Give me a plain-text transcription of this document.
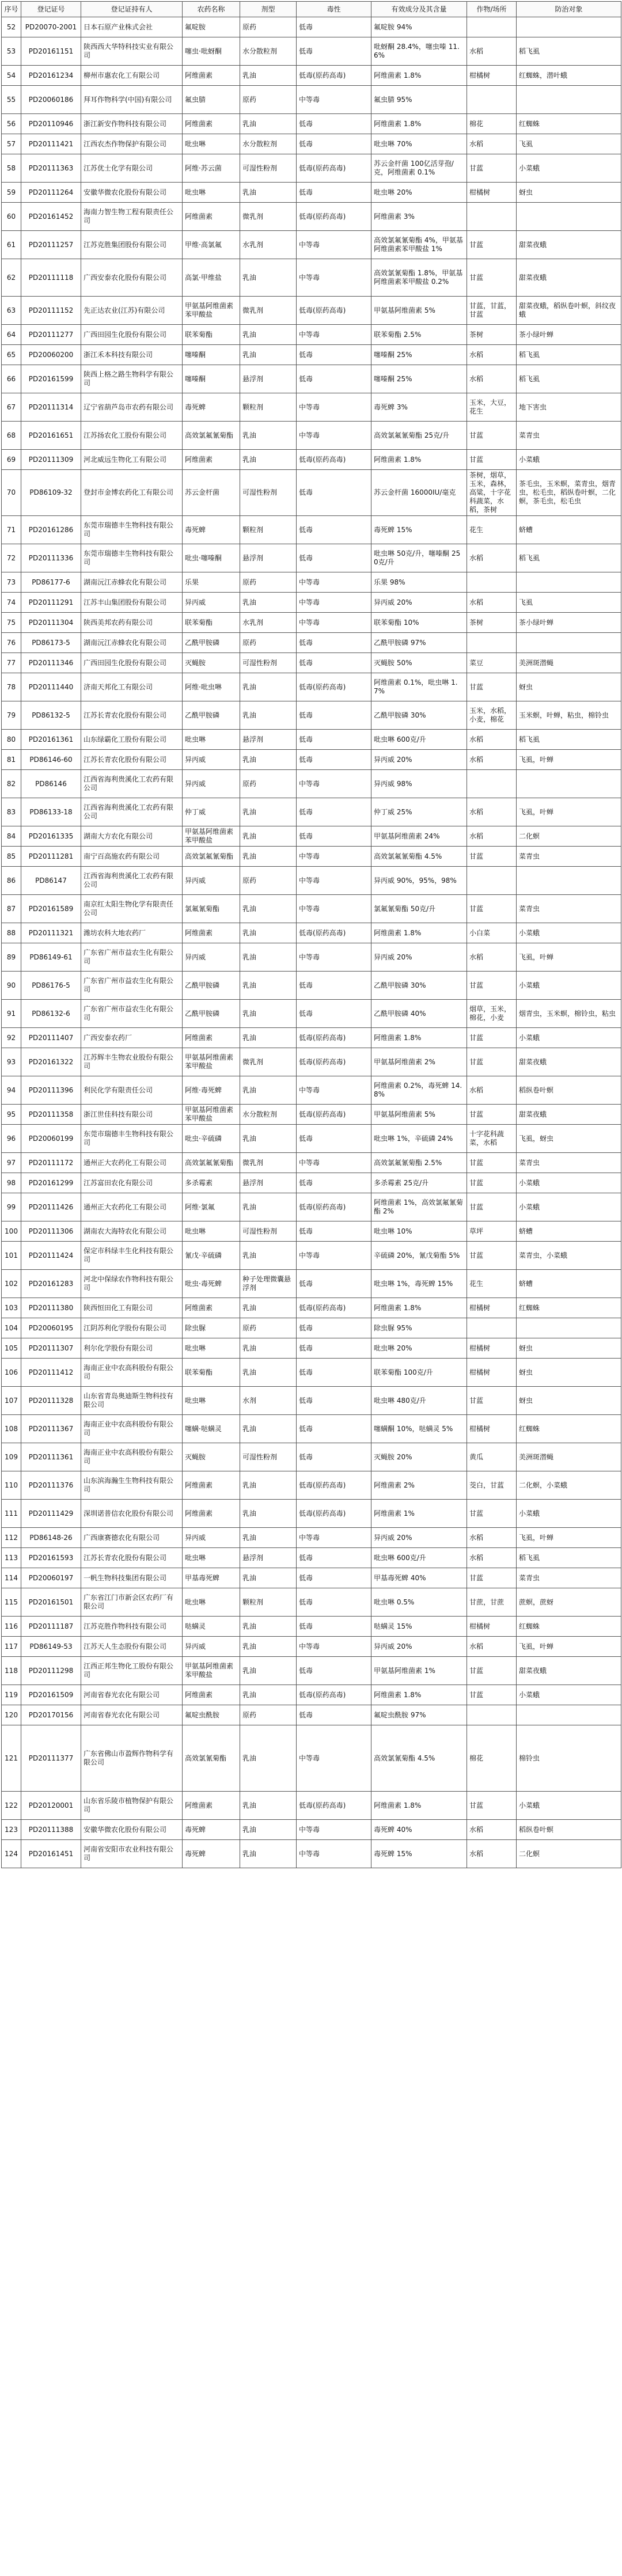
序号	登记证号	登记证持有人	农药名称	剂型	毒性	有效成分及其含量	作物/场所	防治对象
52	PD20070-2001	日本石原产业株式会社	氟啶胺	原药	低毒	氟啶胺 94%		
53	PD20161151	陕西西大华特科技实业有限公司	噻虫·吡蚜酮	水分散粒剂	低毒	吡蚜酮 28.4%，噻虫嗪 11.6%	水稻	稻飞虱
54	PD20161234	柳州市惠农化工有限公司	阿维菌素	乳油	低毒(原药高毒)	阿维菌素 1.8%	柑橘树	红蜘蛛，潜叶蛾
55	PD20060186	拜耳作物科学(中国)有限公司	氟虫腈	原药	中等毒	氟虫腈 95%		
56	PD20110946	浙江新安作物科技有限公司	阿维菌素	乳油	低毒	阿维菌素 1.8%	棉花	红蜘蛛
57	PD20111421	江西农杰作物保护有限公司	吡虫啉	水分散粒剂	低毒	吡虫啉 70%	水稻	飞虱
58	PD20111363	江苏优士化学有限公司	阿维·苏云菌	可湿性粉剂	低毒(原药高毒)	苏云金杆菌 100亿活芽孢/克，阿维菌素 0.1%	甘蓝	小菜蛾
59	PD20111264	安徽华微农化股份有限公司	吡虫啉	乳油	低毒	吡虫啉 20%	柑橘树	蚜虫
60	PD20161452	海南力智生物工程有限责任公司	阿维菌素	微乳剂	低毒(原药高毒)	阿维菌素 3%		
61	PD20111257	江苏克胜集团股份有限公司	甲维·高氯氟	水乳剂	中等毒	高效氯氟氰菊酯 4%，甲氨基阿维菌素苯甲酸盐 1%	甘蓝	甜菜夜蛾
62	PD20111118	广西安泰农化股份有限公司	高氯·甲维盐	乳油	中等毒	高效氯氰菊酯 1.8%，甲氨基阿维菌素苯甲酸盐 0.2%	甘蓝	甜菜夜蛾
63	PD20111152	先正达农业(江苏)有限公司	甲氨基阿维菌素苯甲酸盐	微乳剂	低毒(原药高毒)	甲氨基阿维菌素 5%	甘蓝，甘蓝，甘蓝	甜菜夜蛾，稻纵卷叶螟，斜纹夜蛾
64	PD20111277	广西田园生化股份有限公司	联苯菊酯	乳油	中等毒	联苯菊酯 2.5%	茶树	茶小绿叶蝉
65	PD20060200	浙江禾本科技有限公司	噻嗪酮	乳油	低毒	噻嗪酮 25%	水稻	稻飞虱
66	PD20161599	陕西上格之路生物科学有限公司	噻嗪酮	悬浮剂	低毒	噻嗪酮 25%	水稻	稻飞虱
67	PD20111314	辽宁省葫芦岛市农药有限公司	毒死蜱	颗粒剂	中等毒	毒死蜱 3%	玉米，大豆，花生	地下害虫
68	PD20161651	江苏扬农化工股份有限公司	高效氯氟氰菊酯	乳油	中等毒	高效氯氟氰菊酯 25克/升	甘蓝	菜青虫
69	PD20111309	河北威远生物化工有限公司	阿维菌素	乳油	低毒(原药高毒)	阿维菌素 1.8%	甘蓝	小菜蛾
70	PD86109-32	登封市金博农药化工有限公司	苏云金杆菌	可湿性粉剂	低毒	苏云金杆菌 16000IU/毫克	茶树，烟草，玉米，森林，高粱，十字花科蔬菜，水稻，茶树	茶毛虫，玉米螟，菜青虫，烟青虫，松毛虫，稻纵卷叶螟，二化螟，茶毛虫，松毛虫
71	PD20161286	东莞市瑞德丰生物科技有限公司	毒死蜱	颗粒剂	低毒	毒死蜱 15%	花生	蛴螬
72	PD20111336	东莞市瑞德丰生物科技有限公司	吡虫·噻嗪酮	悬浮剂	低毒	吡虫啉 50克/升，噻嗪酮 250克/升	水稻	稻飞虱
73	PD86177-6	湖南沅江赤蜂农化有限公司	乐果	原药	中等毒	乐果 98%		
74	PD20111291	江苏丰山集团股份有限公司	异丙威	乳油	中等毒	异丙威 20%	水稻	飞虱
75	PD20111304	陕西美邦农药有限公司	联苯菊酯	水乳剂	中等毒	联苯菊酯 10%	茶树	茶小绿叶蝉
76	PD86173-5	湖南沅江赤蜂农化有限公司	乙酰甲胺磷	原药	低毒	乙酰甲胺磷 97%		
77	PD20111346	广西田园生化股份有限公司	灭蝇胺	可湿性粉剂	低毒	灭蝇胺 50%	菜豆	美洲斑潜蝇
78	PD20111440	济南天邦化工有限公司	阿维·吡虫啉	乳油	低毒(原药高毒)	阿维菌素 0.1%，吡虫啉 1.7%	甘蓝	蚜虫
79	PD86132-5	江苏长青农化股份有限公司	乙酰甲胺磷	乳油	低毒	乙酰甲胺磷 30%	玉米，水稻，小麦，棉花	玉米螟，叶蝉，粘虫，棉铃虫
80	PD20161361	山东绿霸化工股份有限公司	吡虫啉	悬浮剂	低毒	吡虫啉 600克/升	水稻	稻飞虱
81	PD86146-60	江苏长青农化股份有限公司	异丙威	乳油	低毒	异丙威 20%	水稻	飞虱，叶蝉
82	PD86146	江西省海利贵溪化工农药有限公司	异丙威	原药	中等毒	异丙威 98%		
83	PD86133-18	江西省海利贵溪化工农药有限公司	仲丁威	乳油	低毒	仲丁威 25%	水稻	飞虱，叶蝉
84	PD20161335	湖南大方农化有限公司	甲氨基阿维菌素苯甲酸盐	乳油	低毒	甲氨基阿维菌素 24%	水稻	二化螟
85	PD20111281	南宁百高施农药有限公司	高效氯氟氰菊酯	乳油	中等毒	高效氯氟氰菊酯 4.5%	甘蓝	菜青虫
86	PD86147	江西省海利贵溪化工农药有限公司	异丙威	原药	中等毒	异丙威 90%，95%，98%		
87	PD20161589	南京红太阳生物化学有限责任公司	氯氟氰菊酯	乳油	中等毒	氯氟氰菊酯 50克/升	甘蓝	菜青虫
88	PD20111321	潍坊农科大地农药厂	阿维菌素	乳油	低毒(原药高毒)	阿维菌素 1.8%	小白菜	小菜蛾
89	PD86149-61	广东省广州市益农生化有限公司	异丙威	乳油	中等毒	异丙威 20%	水稻	飞虱，叶蝉
90	PD86176-5	广东省广州市益农生化有限公司	乙酰甲胺磷	乳油	低毒	乙酰甲胺磷 30%	甘蓝	小菜蛾
91	PD86132-6	广东省广州市益农生化有限公司	乙酰甲胺磷	乳油	低毒	乙酰甲胺磷 40%	烟草，玉米，棉花，小麦	烟青虫，玉米螟，棉铃虫，粘虫
92	PD20111407	广西安泰农药厂	阿维菌素	乳油	低毒(原药高毒)	阿维菌素 1.8%	甘蓝	小菜蛾
93	PD20161322	江苏辉丰生物农业股份有限公司	甲氨基阿维菌素苯甲酸盐	微乳剂	低毒(原药高毒)	甲氨基阿维菌素 2%	甘蓝	甜菜夜蛾
94	PD20111396	利民化学有限责任公司	阿维·毒死蜱	乳油	中等毒	阿维菌素 0.2%，毒死蜱 14.8%	水稻	稻纵卷叶螟
95	PD20111358	浙江世佳科技有限公司	甲氨基阿维菌素苯甲酸盐	水分散粒剂	低毒(原药高毒)	甲氨基阿维菌素 5%	甘蓝	甜菜夜蛾
96	PD20060199	东莞市瑞德丰生物科技有限公司	吡虫·辛硫磷	乳油	低毒	吡虫啉 1%，辛硫磷 24%	十字花科蔬菜，水稻	飞虱，蚜虫
97	PD20111172	通州正大农药化工有限公司	高效氯氟氰菊酯	微乳剂	中等毒	高效氯氟氰菊酯 2.5%	甘蓝	菜青虫
98	PD20161299	江苏富田农化有限公司	多杀霉素	悬浮剂	低毒	多杀霉素 25克/升	甘蓝	小菜蛾
99	PD20111426	通州正大农药化工有限公司	阿维·氯氟	乳油	低毒(原药高毒)	阿维菌素 1%，高效氯氟氰菊酯 2%	甘蓝	小菜蛾
100	PD20111306	湖南农大海特农化有限公司	吡虫啉	可湿性粉剂	低毒	吡虫啉 10%	草坪	蛴螬
101	PD20111424	保定市科绿丰生化科技有限公司	氰戊·辛硫磷	乳油	中等毒	辛硫磷 20%，氰戊菊酯 5%	甘蓝	菜青虫，小菜蛾
102	PD20161283	河北中保绿农作物科技有限公司	吡虫·毒死蜱	种子处理微囊悬浮剂	低毒	吡虫啉 1%，毒死蜱 15%	花生	蛴螬
103	PD20111380	陕西恒田化工有限公司	阿维菌素	乳油	低毒(原药高毒)	阿维菌素 1.8%	柑橘树	红蜘蛛
104	PD20060195	江阴苏利化学股份有限公司	除虫脲	原药	低毒	除虫脲 95%		
105	PD20111307	利尔化学股份有限公司	吡虫啉	乳油	低毒	吡虫啉 20%	柑橘树	蚜虫
106	PD20111412	海南正业中农高科股份有限公司	联苯菊酯	乳油	低毒	联苯菊酯 100克/升	柑橘树	蚜虫
107	PD20111328	山东省青岛奥迪斯生物科技有限公司	吡虫啉	水剂	低毒	吡虫啉 480克/升	甘蓝	蚜虫
108	PD20111367	海南正业中农高科股份有限公司	噻螨·哒螨灵	乳油	低毒	噻螨酮 10%，哒螨灵 5%	柑橘树	红蜘蛛
109	PD20111361	海南正业中农高科股份有限公司	灭蝇胺	可湿性粉剂	低毒	灭蝇胺 20%	黄瓜	美洲斑潜蝇
110	PD20111376	山东滨海瀚生生物科技有限公司	阿维菌素	乳油	低毒(原药高毒)	阿维菌素 2%	茭白，甘蓝	二化螟，小菜蛾
111	PD20111429	深圳诺普信农化股份有限公司	阿维菌素	乳油	低毒(原药高毒)	阿维菌素 1%	甘蓝	小菜蛾
112	PD86148-26	广西康赛德农化有限公司	异丙威	乳油	中等毒	异丙威 20%	水稻	飞虱，叶蝉
113	PD20161593	江苏长青农化股份有限公司	吡虫啉	悬浮剂	低毒	吡虫啉 600克/升	水稻	稻飞虱
114	PD20060197	一帆生物科技集团有限公司	甲基毒死蜱	乳油	低毒	甲基毒死蜱 40%	甘蓝	菜青虫
115	PD20161501	广东省江门市新会区农药厂有限公司	吡虫啉	颗粒剂	低毒	吡虫啉 0.5%	甘蔗，甘蔗	蔗螟，蔗蚜
116	PD20111187	江苏克胜作物科技有限公司	哒螨灵	乳油	低毒	哒螨灵 15%	柑橘树	红蜘蛛
117	PD86149-53	江苏天人生态股份有限公司	异丙威	乳油	中等毒	异丙威 20%	水稻	飞虱，叶蝉
118	PD20111298	江西正邦生物化工股份有限公司	甲氨基阿维菌素苯甲酸盐	乳油	低毒	甲氨基阿维菌素 1%	甘蓝	甜菜夜蛾
119	PD20161509	河南省春光农化有限公司	阿维菌素	乳油	低毒(原药高毒)	阿维菌素 1.8%	甘蓝	小菜蛾
120	PD20170156	河南省春光农化有限公司	氟啶虫酰胺	原药	低毒	氟啶虫酰胺 97%		
121	PD20111377	广东省佛山市盈辉作物科学有限公司	高效氯氰菊酯	乳油	中等毒	高效氯氰菊酯 4.5%	棉花	棉铃虫
122	PD20120001	山东省乐陵市植物保护有限公司	阿维菌素	乳油	低毒(原药高毒)	阿维菌素 1.8%	甘蓝	小菜蛾
123	PD20111388	安徽华微农化股份有限公司	毒死蜱	乳油	中等毒	毒死蜱 40%	水稻	稻纵卷叶螟
124	PD20161451	河南省安阳市农业科技有限公司	毒死蜱	乳油	中等毒	毒死蜱 15%	水稻	二化螟
